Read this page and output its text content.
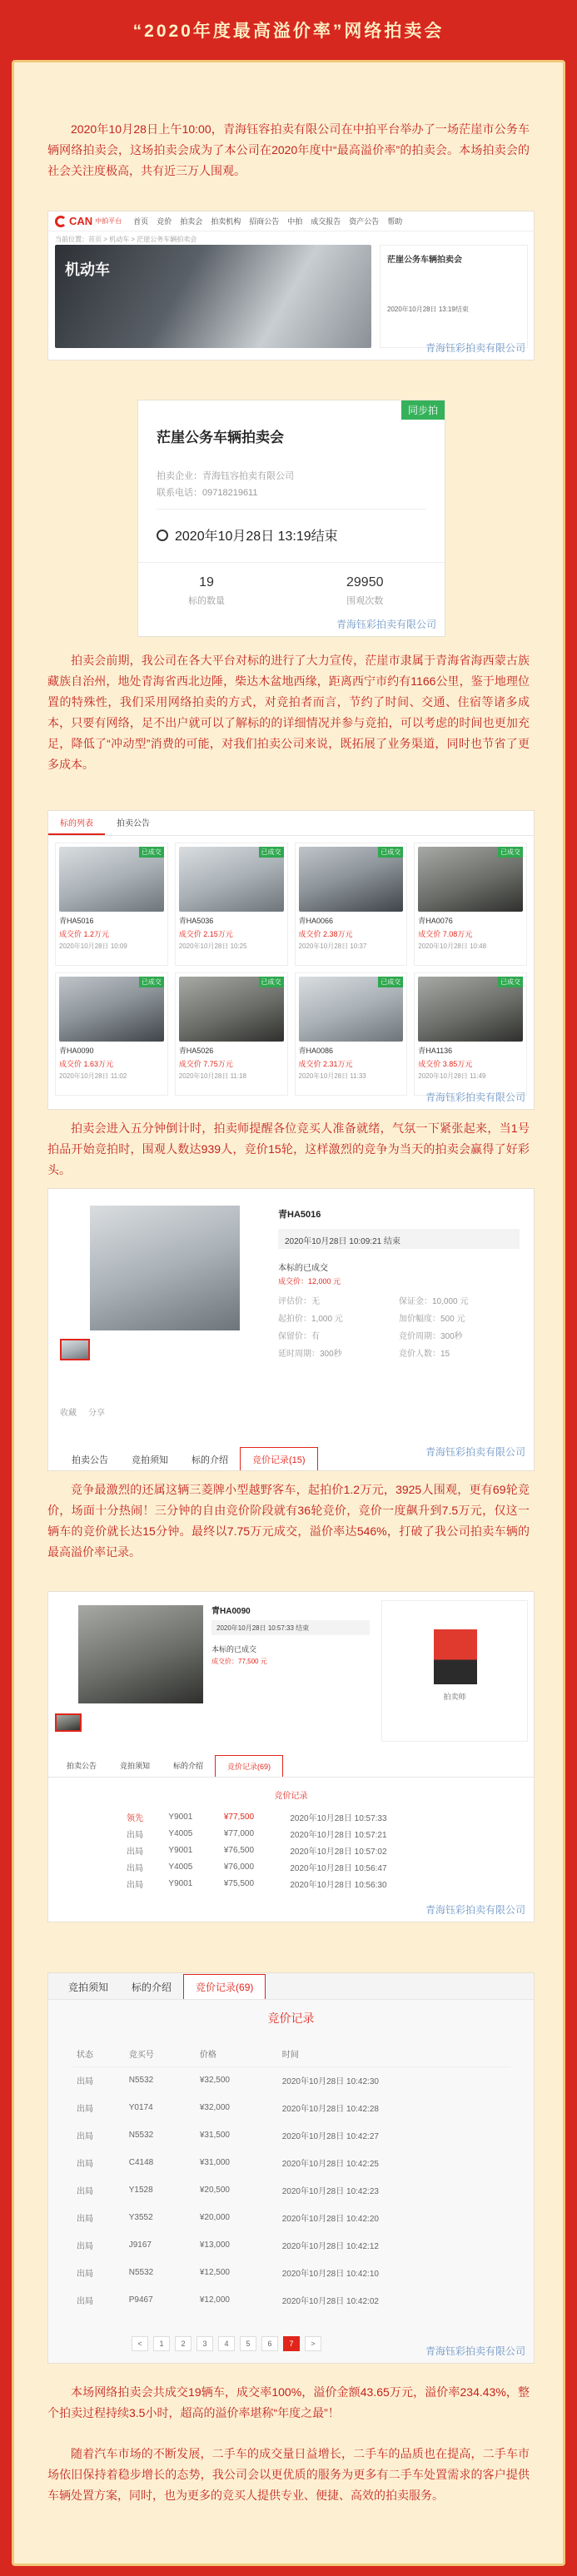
“2020年度最高溢价率”网络拍卖会

2020年10月28日上午10:00，青海钰容拍卖有限公司在中拍平台举办了一场茫崖市公务车辆网络拍卖会，这场拍卖会成为了本公司在2020年度中“最高溢价率”的拍卖会。本场拍卖会的社会关注度极高，共有近三万人围观。

CAN 中拍平台 首页 竞价 拍卖会 拍卖机构 招商公告 中拍 成交报告 资产公告 帮助
当前位置：首页 > 机动车 > 茫崖公务车辆拍卖会
机动车
茫崖公务车辆拍卖会
2020年10月28日 13:19结束
青海钰彩拍卖有限公司
同步拍
茫崖公务车辆拍卖会
拍卖企业：青海钰容拍卖有限公司
联系电话：09718219611
2020年10月28日 13:19结束
19
标的数量
29950
围观次数
青海钰彩拍卖有限公司

拍卖会前期，我公司在各大平台对标的进行了大力宣传，茫崖市隶属于青海省海西蒙古族藏族自治州，地处青海省西北边陲，柴达木盆地西缘，距离西宁市约有1166公里，鉴于地理位置的特殊性，我们采用网络拍卖的方式，对竞拍者而言，节约了时间、交通、住宿等诸多成本，只要有网络，足不出户就可以了解标的的详细情况并参与竞拍，可以考虑的时间也更加充足，降低了“冲动型”消费的可能，对我们拍卖公司来说，既拓展了业务渠道，同时也节省了更多成本。

标的列表	拍卖公告
已成交
青HA5016
成交价 1.2万元
2020年10月28日 10:09
已成交
青HA5036
成交价 2.15万元
2020年10月28日 10:25
已成交
青HA0066
成交价 2.38万元
2020年10月28日 10:37
已成交
青HA0076
成交价 7.08万元
2020年10月28日 10:48
已成交
青HA0090
成交价 1.63万元
2020年10月28日 11:02
已成交
青HA5026
成交价 7.75万元
2020年10月28日 11:18
已成交
青HA0086
成交价 2.31万元
2020年10月28日 11:33
已成交
青HA1136
成交价 3.85万元
2020年10月28日 11:49
青海钰彩拍卖有限公司

拍卖会进入五分钟倒计时，拍卖师提醒各位竞买人准备就绪，气氛一下紧张起来，当1号拍品开始竞拍时，围观人数达939人，竞价15轮，这样激烈的竞争为当天的拍卖会赢得了好彩头。

青HA5016
2020年10月28日 10:09:21 结束
本标的已成交
成交价：12,000 元
评估价：无	保证金：10,000 元
起拍价：1,000 元	加价幅度：500 元
保留价：有	竞价周期：300秒
延时周期：300秒	竞价人数：15
收藏 分享
拍卖公告	竞拍须知	标的介绍	竞价记录(15)
青海钰彩拍卖有限公司

竞争最激烈的还属这辆三菱牌小型越野客车，起拍价1.2万元，3925人围观，更有69轮竞价，场面十分热闹！三分钟的自由竞价阶段就有36轮竞价，竞价一度飙升到7.5万元，仅这一辆车的竞价就长达15分钟。最终以7.75万元成交，溢价率达546%，打破了我公司拍卖车辆的最高溢价率记录。

青HA0090
2020年10月28日 10:57:33 结束
本标的已成交
成交价：77,500 元
拍卖师
拍卖公告	竞拍须知	标的介绍	竞价记录(69)
竞价记录
领先	Y9001	¥77,500	2020年10月28日 10:57:33
出局	Y4005	¥77,000	2020年10月28日 10:57:21
出局	Y9001	¥76,500	2020年10月28日 10:57:02
出局	Y4005	¥76,000	2020年10月28日 10:56:47
出局	Y9001	¥75,500	2020年10月28日 10:56:30
青海钰彩拍卖有限公司
竞拍须知	标的介绍	竞价记录(69)
竞价记录
状态	竞买号	价格	时间
出局	N5532	¥32,500	2020年10月28日 10:42:30
出局	Y0174	¥32,000	2020年10月28日 10:42:28
出局	N5532	¥31,500	2020年10月28日 10:42:27
出局	C4148	¥31,000	2020年10月28日 10:42:25
出局	Y1528	¥20,500	2020年10月28日 10:42:23
出局	Y3552	¥20,000	2020年10月28日 10:42:20
出局	J9167	¥13,000	2020年10月28日 10:42:12
出局	N5532	¥12,500	2020年10月28日 10:42:10
出局	P9467	¥12,000	2020年10月28日 10:42:02
<	1	2	3	4	5	6	7	>
青海钰彩拍卖有限公司

本场网络拍卖会共成交19辆车，成交率100%，溢价金额43.65万元，溢价率234.43%，整个拍卖过程持续3.5小时，超高的溢价率堪称“年度之最”！

随着汽车市场的不断发展，二手车的成交量日益增长，二手车的品质也在提高，二手车市场依旧保持着稳步增长的态势，我公司会以更优质的服务为更多有二手车处置需求的客户提供车辆处置方案，同时，也为更多的竞买人提供专业、便捷、高效的拍卖服务。
